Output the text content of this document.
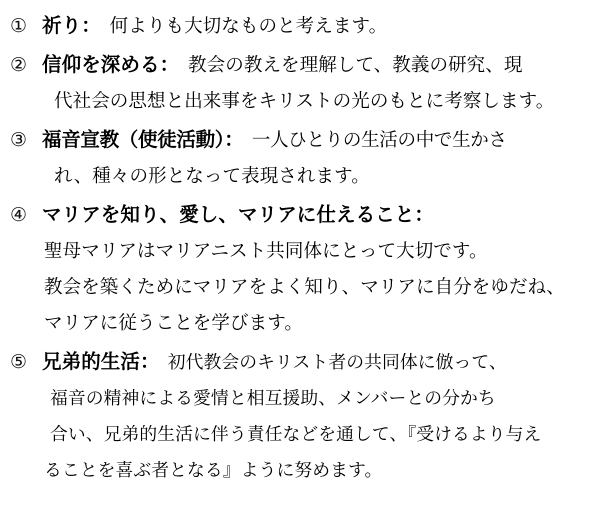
① 祈り：　何よりも大切なものと考えます。
② 信仰を深める：　教会の教えを理解して、教義の研究、現
代社会の思想と出来事をキリストの光のもとに考察します。
③ 福音宣教（使徒活動）：　一人ひとりの生活の中で生かさ
れ、種々の形となって表現されます。
④ マリアを知り、愛し、マリアに仕えること：
聖母マリアはマリアニスト共同体にとって大切です。
教会を築くためにマリアをよく知り、マリアに自分をゆだね、
マリアに従うことを学びます。
⑤ 兄弟的生活：　初代教会のキリスト者の共同体に倣って、
福音の精神による愛情と相互援助、メンバーとの分かち
合い、兄弟的生活に伴う責任などを通して、『受けるより与え
ることを喜ぶ者となる』ように努めます。
